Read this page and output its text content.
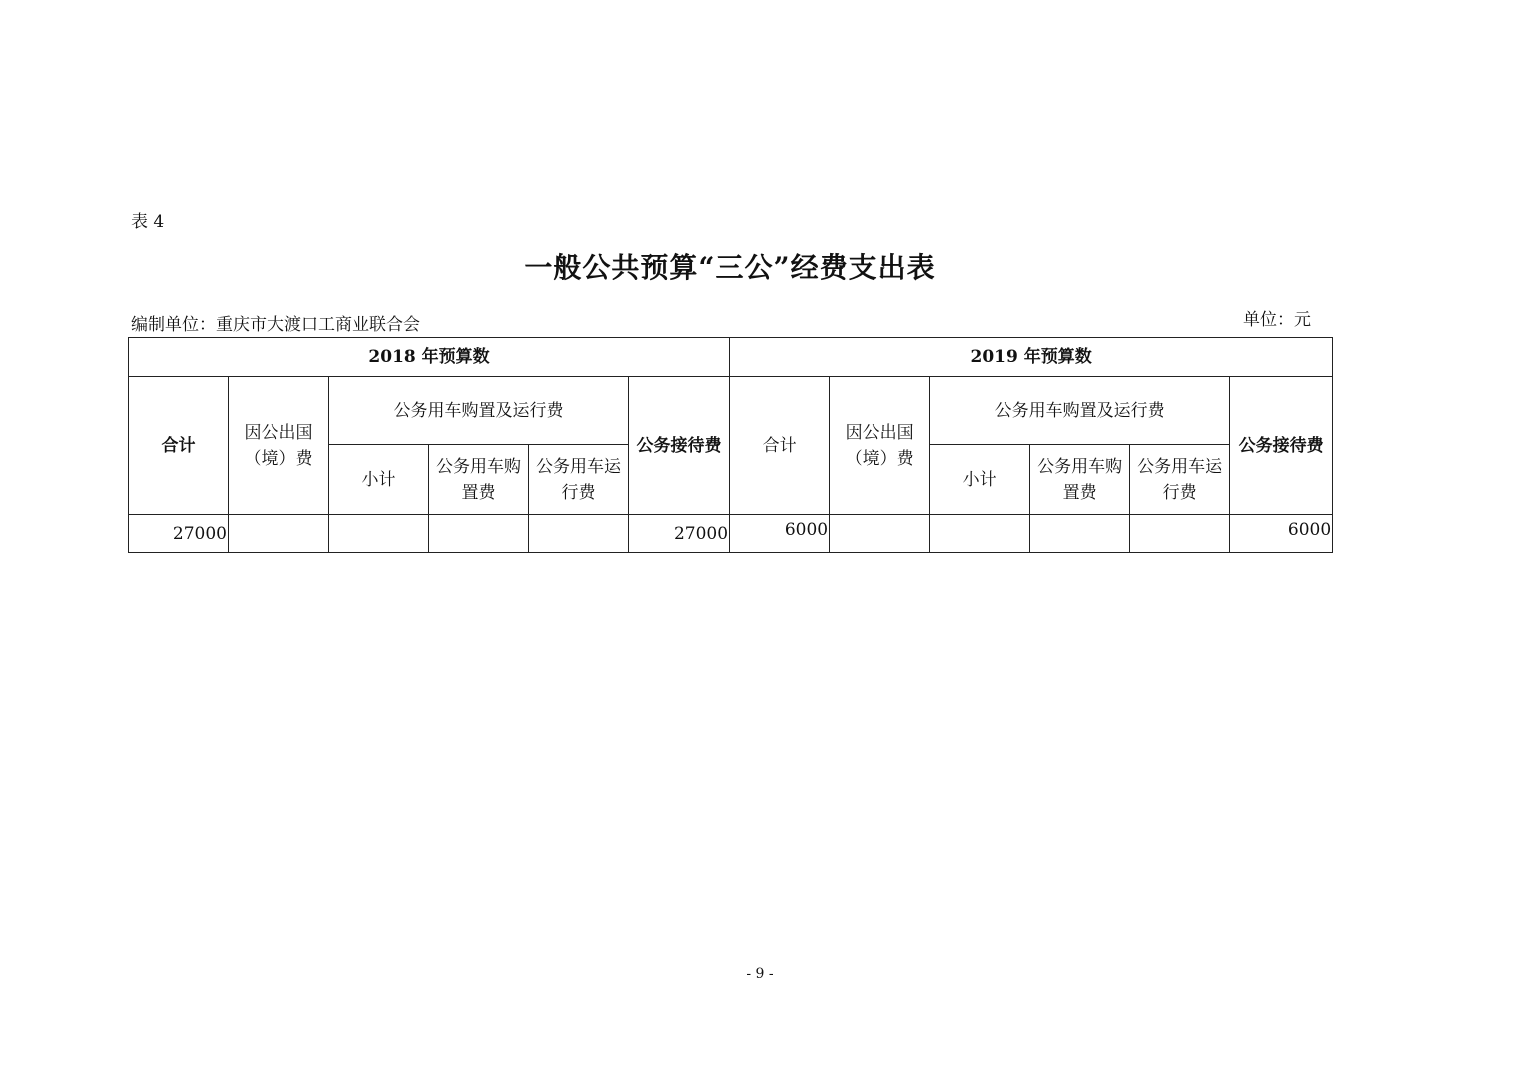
表 4
一般公共预算“三公”经费支出表
编制单位：重庆市大渡口工商业联合会	单位：元
2018 年预算数						2019 年预算数					
合计	因公出国（境）费	公务用车购置及运行费			公务接待费	合计	因公出国（境）费	公务用车购置及运行费			公务接待费
		小计	公务用车购置费	公务用车运行费				小计	公务用车购置费	公务用车运行费	
27000					27000	6000					6000
- 9 -
